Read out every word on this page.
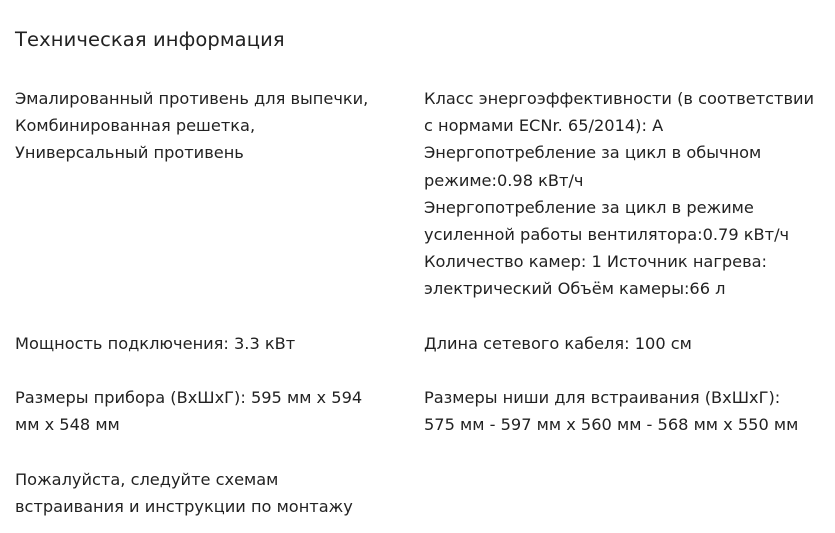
Техническая информация
Эмалированный противень для выпечки,
Комбинированная решетка,
Универсальный противень
Класс энергоэффективности (в соответствии
с нормами ECNr. 65/2014): A
Энергопотребление за цикл в обычном
режиме:0.98 кВт/ч
Энергопотребление за цикл в режиме
усиленной работы вентилятора:0.79 кВт/ч
Количество камер: 1 Источник нагрева:
электрический Объём камеры:66 л
Мощность подключения: 3.3 кВт	Длина сетевого кабеля: 100 см
Размеры прибора (ВхШхГ): 595 мм x 594
мм x 548 мм
Размеры ниши для встраивания (ВхШхГ):
575 мм - 597 мм x 560 мм - 568 мм x 550 мм
Пожалуйста, следуйте схемам
встраивания и инструкции по монтажу
